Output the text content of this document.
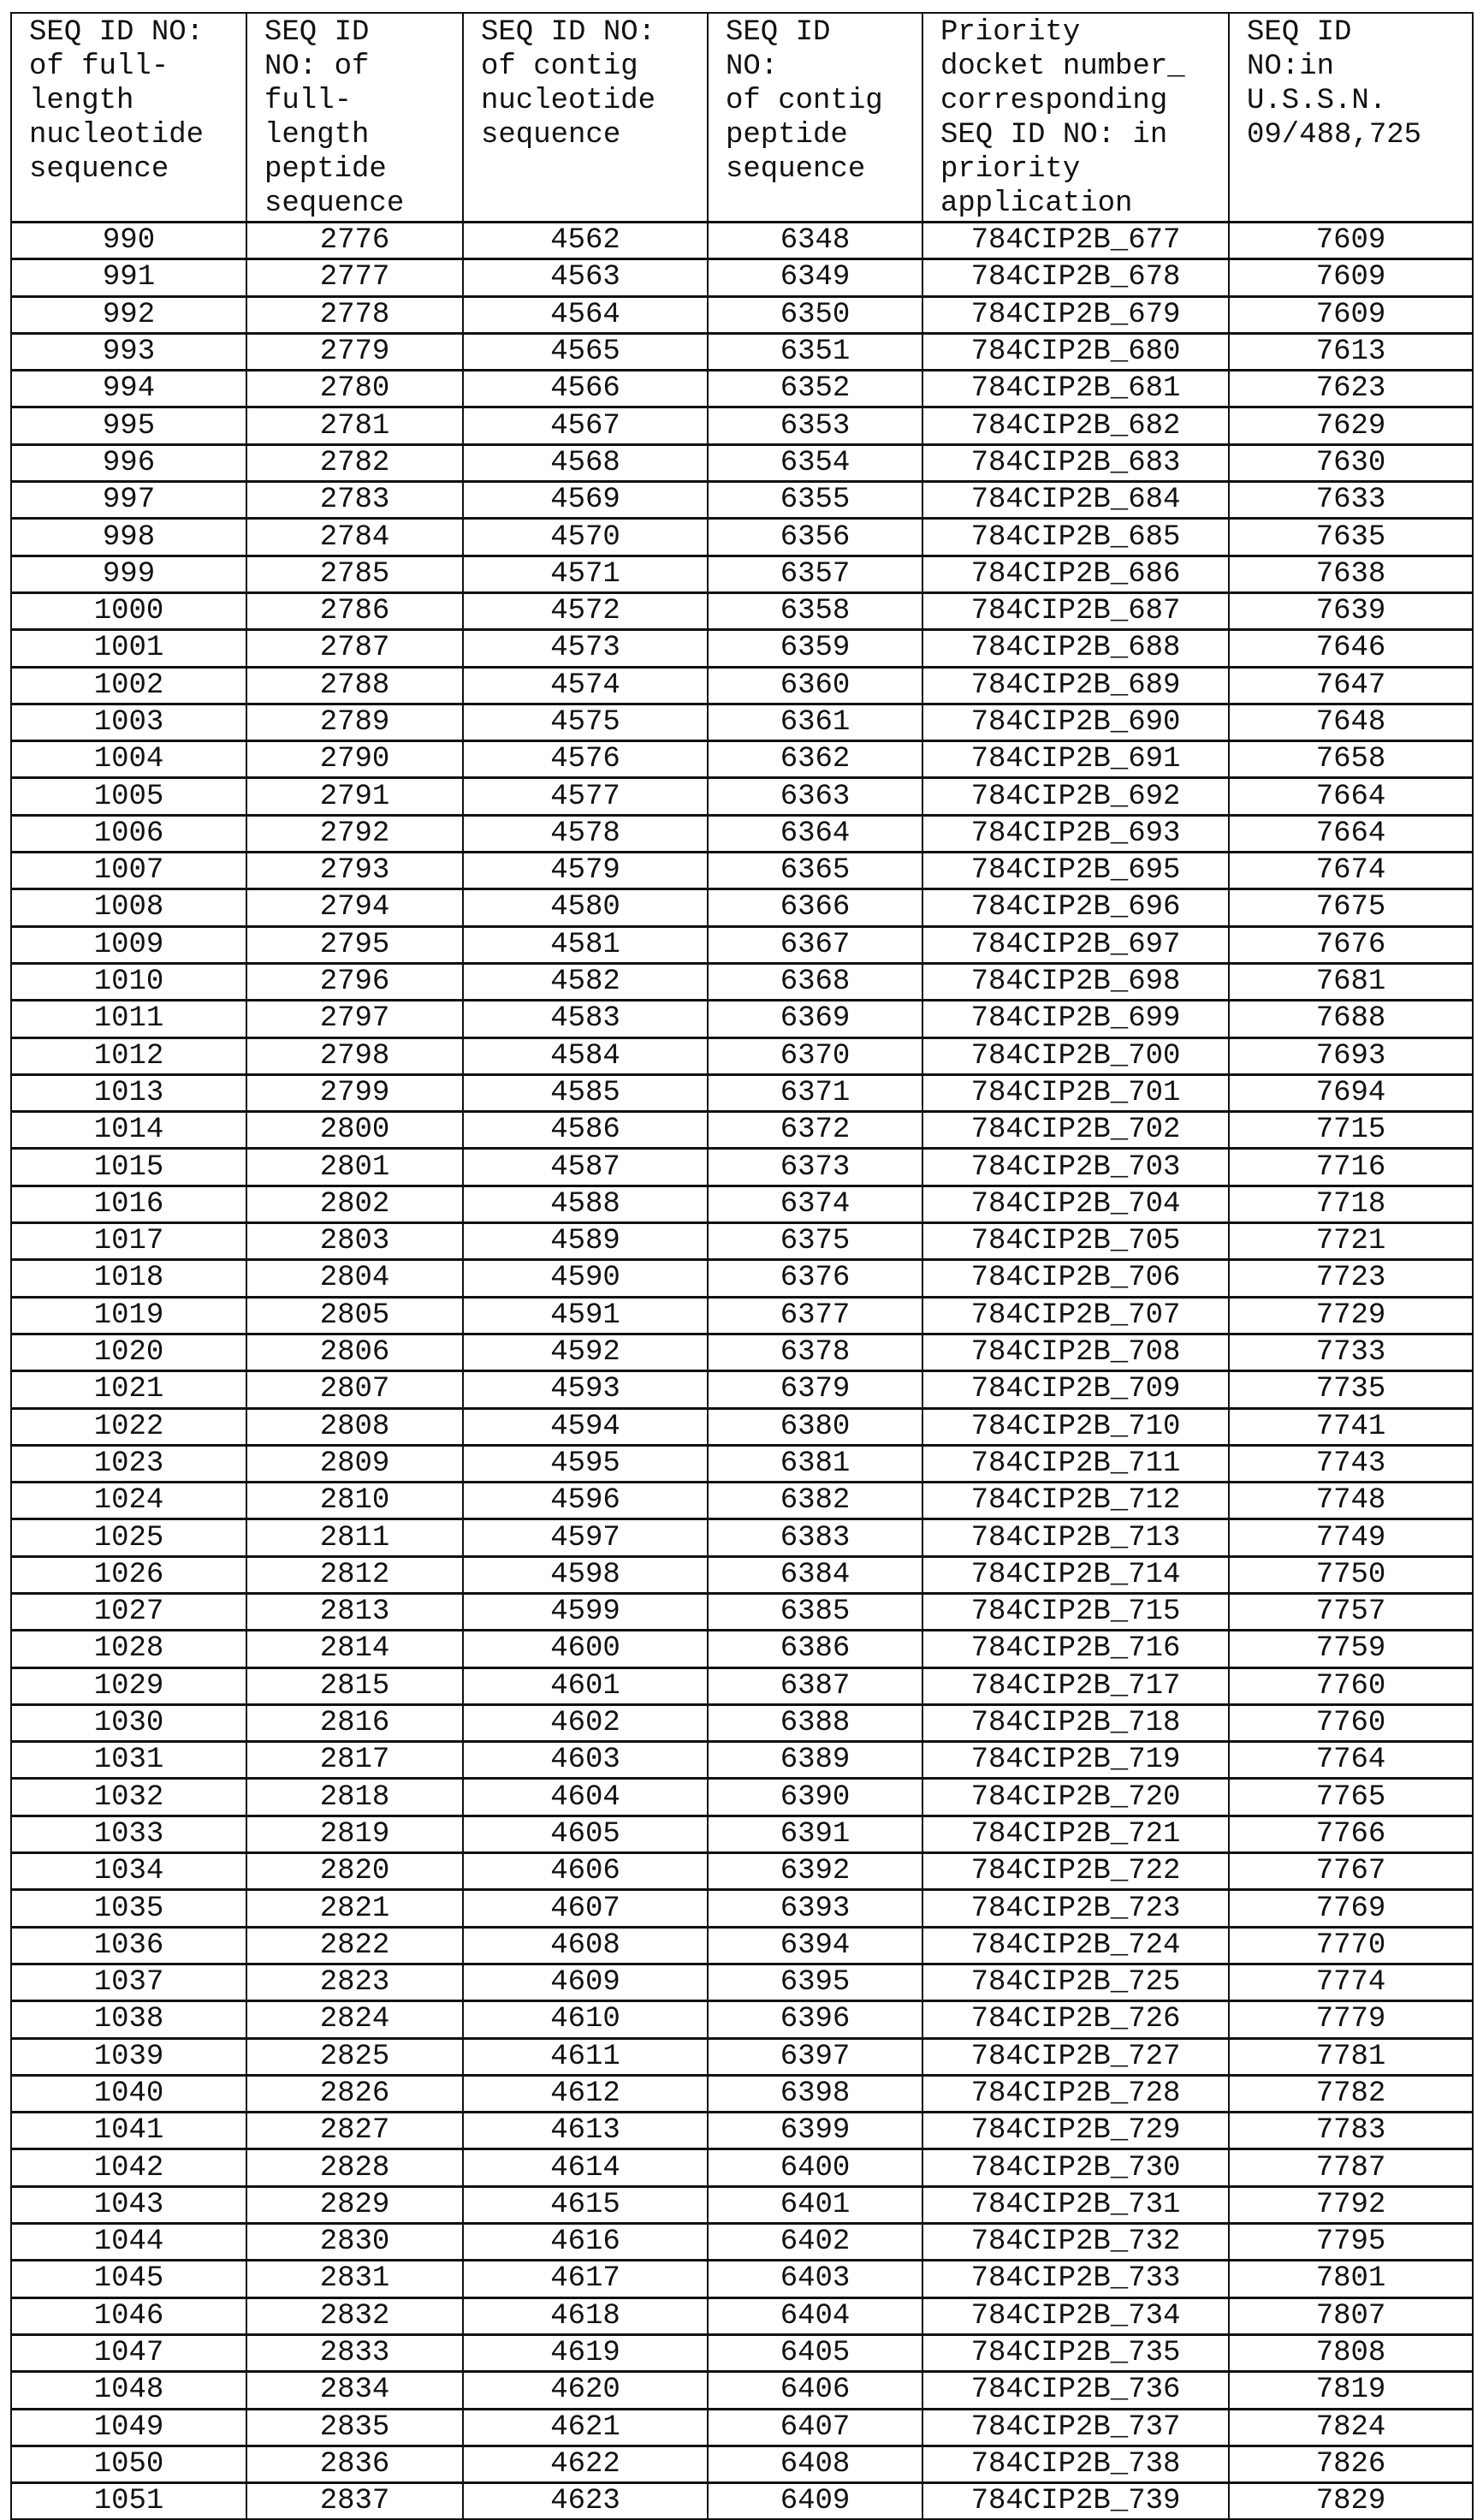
SEQ ID NO:
of full-
length
nucleotide
sequence	SEQ ID
NO: of
full-
length
peptide
sequence	SEQ ID NO:
of contig
nucleotide
sequence	SEQ ID
NO:
of contig
peptide
sequence	Priority
docket number_
corresponding
SEQ ID NO: in
priority
application	SEQ ID
NO:in
U.S.S.N.
09/488,725
990	2776	4562	6348	784CIP2B_677	7609
991	2777	4563	6349	784CIP2B_678	7609
992	2778	4564	6350	784CIP2B_679	7609
993	2779	4565	6351	784CIP2B_680	7613
994	2780	4566	6352	784CIP2B_681	7623
995	2781	4567	6353	784CIP2B_682	7629
996	2782	4568	6354	784CIP2B_683	7630
997	2783	4569	6355	784CIP2B_684	7633
998	2784	4570	6356	784CIP2B_685	7635
999	2785	4571	6357	784CIP2B_686	7638
1000	2786	4572	6358	784CIP2B_687	7639
1001	2787	4573	6359	784CIP2B_688	7646
1002	2788	4574	6360	784CIP2B_689	7647
1003	2789	4575	6361	784CIP2B_690	7648
1004	2790	4576	6362	784CIP2B_691	7658
1005	2791	4577	6363	784CIP2B_692	7664
1006	2792	4578	6364	784CIP2B_693	7664
1007	2793	4579	6365	784CIP2B_695	7674
1008	2794	4580	6366	784CIP2B_696	7675
1009	2795	4581	6367	784CIP2B_697	7676
1010	2796	4582	6368	784CIP2B_698	7681
1011	2797	4583	6369	784CIP2B_699	7688
1012	2798	4584	6370	784CIP2B_700	7693
1013	2799	4585	6371	784CIP2B_701	7694
1014	2800	4586	6372	784CIP2B_702	7715
1015	2801	4587	6373	784CIP2B_703	7716
1016	2802	4588	6374	784CIP2B_704	7718
1017	2803	4589	6375	784CIP2B_705	7721
1018	2804	4590	6376	784CIP2B_706	7723
1019	2805	4591	6377	784CIP2B_707	7729
1020	2806	4592	6378	784CIP2B_708	7733
1021	2807	4593	6379	784CIP2B_709	7735
1022	2808	4594	6380	784CIP2B_710	7741
1023	2809	4595	6381	784CIP2B_711	7743
1024	2810	4596	6382	784CIP2B_712	7748
1025	2811	4597	6383	784CIP2B_713	7749
1026	2812	4598	6384	784CIP2B_714	7750
1027	2813	4599	6385	784CIP2B_715	7757
1028	2814	4600	6386	784CIP2B_716	7759
1029	2815	4601	6387	784CIP2B_717	7760
1030	2816	4602	6388	784CIP2B_718	7760
1031	2817	4603	6389	784CIP2B_719	7764
1032	2818	4604	6390	784CIP2B_720	7765
1033	2819	4605	6391	784CIP2B_721	7766
1034	2820	4606	6392	784CIP2B_722	7767
1035	2821	4607	6393	784CIP2B_723	7769
1036	2822	4608	6394	784CIP2B_724	7770
1037	2823	4609	6395	784CIP2B_725	7774
1038	2824	4610	6396	784CIP2B_726	7779
1039	2825	4611	6397	784CIP2B_727	7781
1040	2826	4612	6398	784CIP2B_728	7782
1041	2827	4613	6399	784CIP2B_729	7783
1042	2828	4614	6400	784CIP2B_730	7787
1043	2829	4615	6401	784CIP2B_731	7792
1044	2830	4616	6402	784CIP2B_732	7795
1045	2831	4617	6403	784CIP2B_733	7801
1046	2832	4618	6404	784CIP2B_734	7807
1047	2833	4619	6405	784CIP2B_735	7808
1048	2834	4620	6406	784CIP2B_736	7819
1049	2835	4621	6407	784CIP2B_737	7824
1050	2836	4622	6408	784CIP2B_738	7826
1051	2837	4623	6409	784CIP2B_739	7829
